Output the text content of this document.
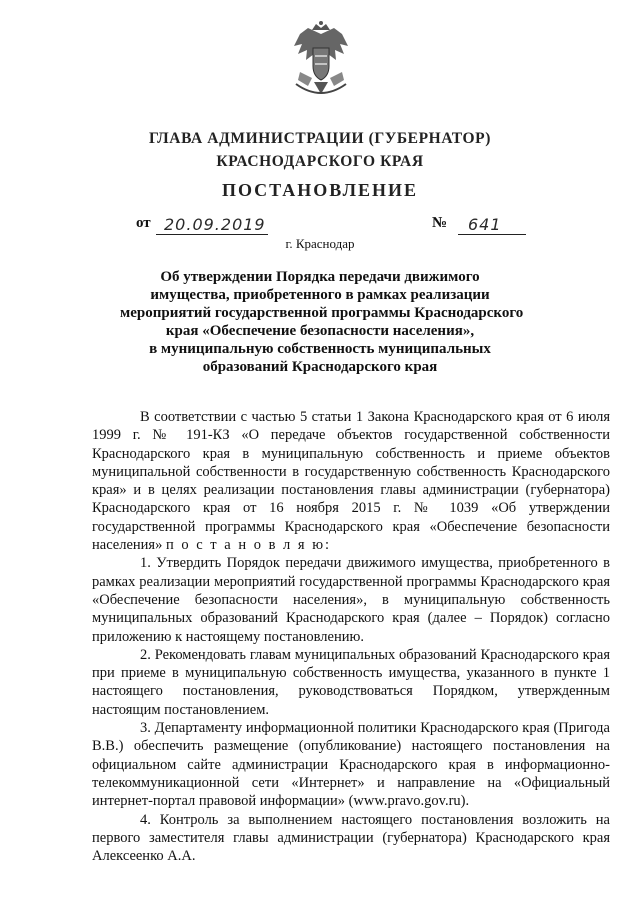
ГЛАВА АДМИНИСТРАЦИИ (ГУБЕРНАТОР)
КРАСНОДАРСКОГО КРАЯ
ПОСТАНОВЛЕНИЕ
от 20.09.2019	№	641
г. Краснодар
Об утверждении Порядка передачи движимого
имущества, приобретенного в рамках реализации
мероприятий государственной программы Краснодарского
края «Обеспечение безопасности населения»,
в муниципальную собственность муниципальных
образований Краснодарского края

В соответствии с частью 5 статьи 1 Закона Краснодарского края от 6 июля 1999 г. № 191-КЗ «О передаче объектов государственной собственности Краснодарского края в муниципальную собственность и приеме объектов муниципальной собственности в государственную собственность Краснодарского края» и в целях реализации постановления главы администрации (губернатора) Краснодарского края от 16 ноября 2015 г. № 1039 «Об утверждении государственной программы Краснодарского края «Обеспечение безопасности населения» п о с т а н о в л я ю:

1. Утвердить Порядок передачи движимого имущества, приобретенного в рамках реализации мероприятий государственной программы Краснодарского края «Обеспечение безопасности населения», в муниципальную собственность муниципальных образований Краснодарского края (далее – Порядок) согласно приложению к настоящему постановлению.

2. Рекомендовать главам муниципальных образований Краснодарского края при приеме в муниципальную собственность имущества, указанного в пункте 1 настоящего постановления, руководствоваться Порядком, утвержденным настоящим постановлением.

3. Департаменту информационной политики Краснодарского края (Пригода В.В.) обеспечить размещение (опубликование) настоящего постановления на официальном сайте администрации Краснодарского края в информационно-телекоммуникационной сети «Интернет» и направление на «Официальный интернет-портал правовой информации» (www.pravo.gov.ru).

4. Контроль за выполнением настоящего постановления возложить на первого заместителя главы администрации (губернатора) Краснодарского края Алексеенко А.А.
